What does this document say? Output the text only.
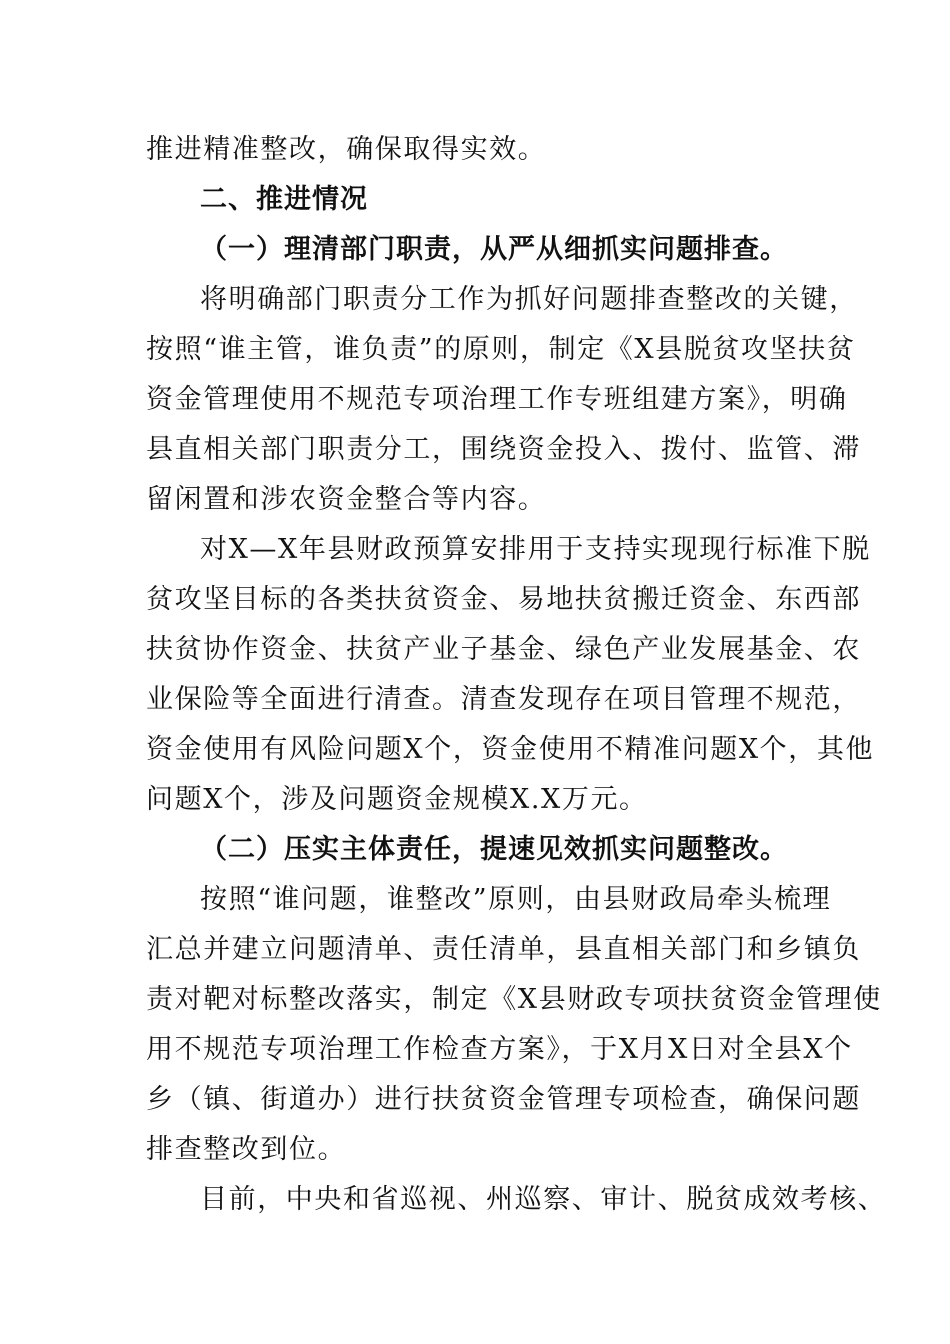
推进精准整改，确保取得实效。
二、推进情况
（一）理清部门职责，从严从细抓实问题排查。
将明确部门职责分工作为抓好问题排查整改的关键，
按照“谁主管，谁负责”的原则，制定《X县脱贫攻坚扶贫
资金管理使用不规范专项治理工作专班组建方案》，明确
县直相关部门职责分工，围绕资金投入、拨付、监管、滞
留闲置和涉农资金整合等内容。
对X—X年县财政预算安排用于支持实现现行标准下脱
贫攻坚目标的各类扶贫资金、易地扶贫搬迁资金、东西部
扶贫协作资金、扶贫产业子基金、绿色产业发展基金、农
业保险等全面进行清查。清查发现存在项目管理不规范，
资金使用有风险问题X个，资金使用不精准问题X个，其他
问题X个，涉及问题资金规模X.X万元。
（二）压实主体责任，提速见效抓实问题整改。
按照“谁问题，谁整改”原则，由县财政局牵头梳理
汇总并建立问题清单、责任清单，县直相关部门和乡镇负
责对靶对标整改落实，制定《X县财政专项扶贫资金管理使
用不规范专项治理工作检查方案》，于X月X日对全县X个
乡（镇、街道办）进行扶贫资金管理专项检查，确保问题
排查整改到位。
目前，中央和省巡视、州巡察、审计、脱贫成效考核、
